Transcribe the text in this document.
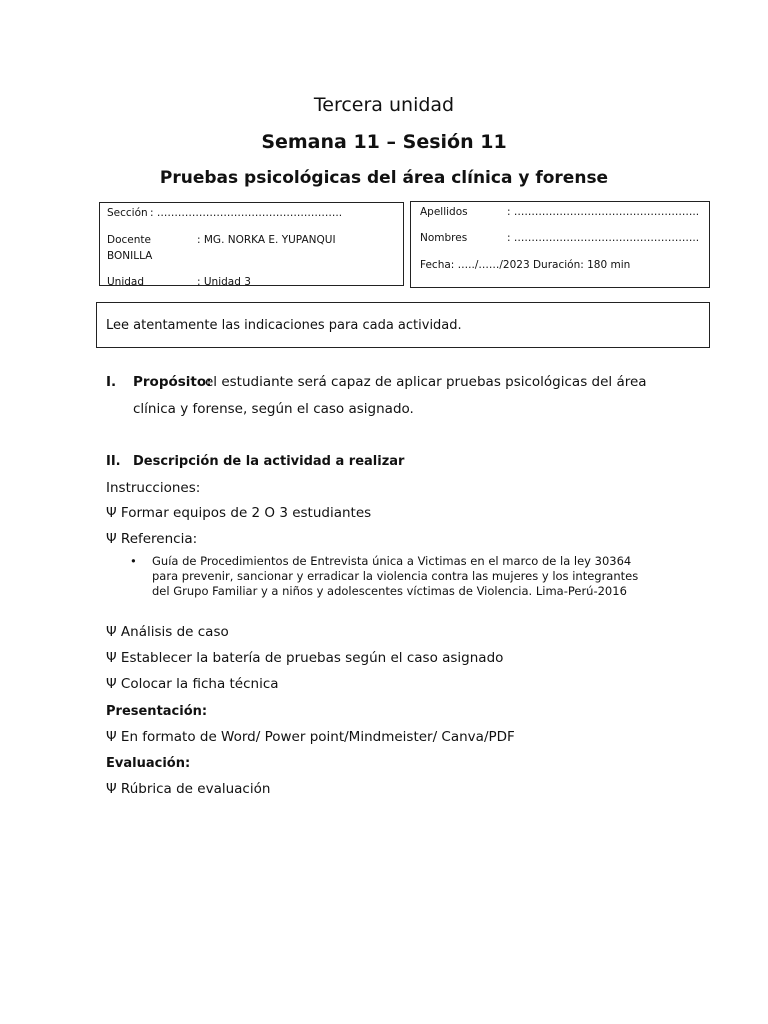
Tercera unidad
Semana 11 – Sesión 11
Pruebas psicológicas del área clínica y forense
Sección : ……………………………………………..
Docente	: MG. NORKA E. YUPANQUI
BONILLA
Unidad	: Unidad 3
Apellidos	: ……………………………………………..
Nombres	: ……………………………………………..
Fecha: …../……/2023 Duración: 180 min
Lee atentamente las indicaciones para cada actividad.
I. Propósito:
el estudiante será capaz de aplicar pruebas psicológicas del área
clínica y forense, según el caso asignado.
II. Descripción de la actividad a realizar
Instrucciones:
Ψ Formar equipos de 2 O 3 estudiantes
Ψ Referencia:
• Guía de Procedimientos de Entrevista única a Victimas en el marco de la ley 30364
para prevenir, sancionar y erradicar la violencia contra las mujeres y los integrantes
del Grupo Familiar y a niños y adolescentes víctimas de Violencia. Lima-Perú-2016
Ψ Análisis de caso
Ψ Establecer la batería de pruebas según el caso asignado
Ψ Colocar la ficha técnica
Presentación:
Ψ En formato de Word/ Power point/Mindmeister/ Canva/PDF
Evaluación:
Ψ Rúbrica de evaluación
